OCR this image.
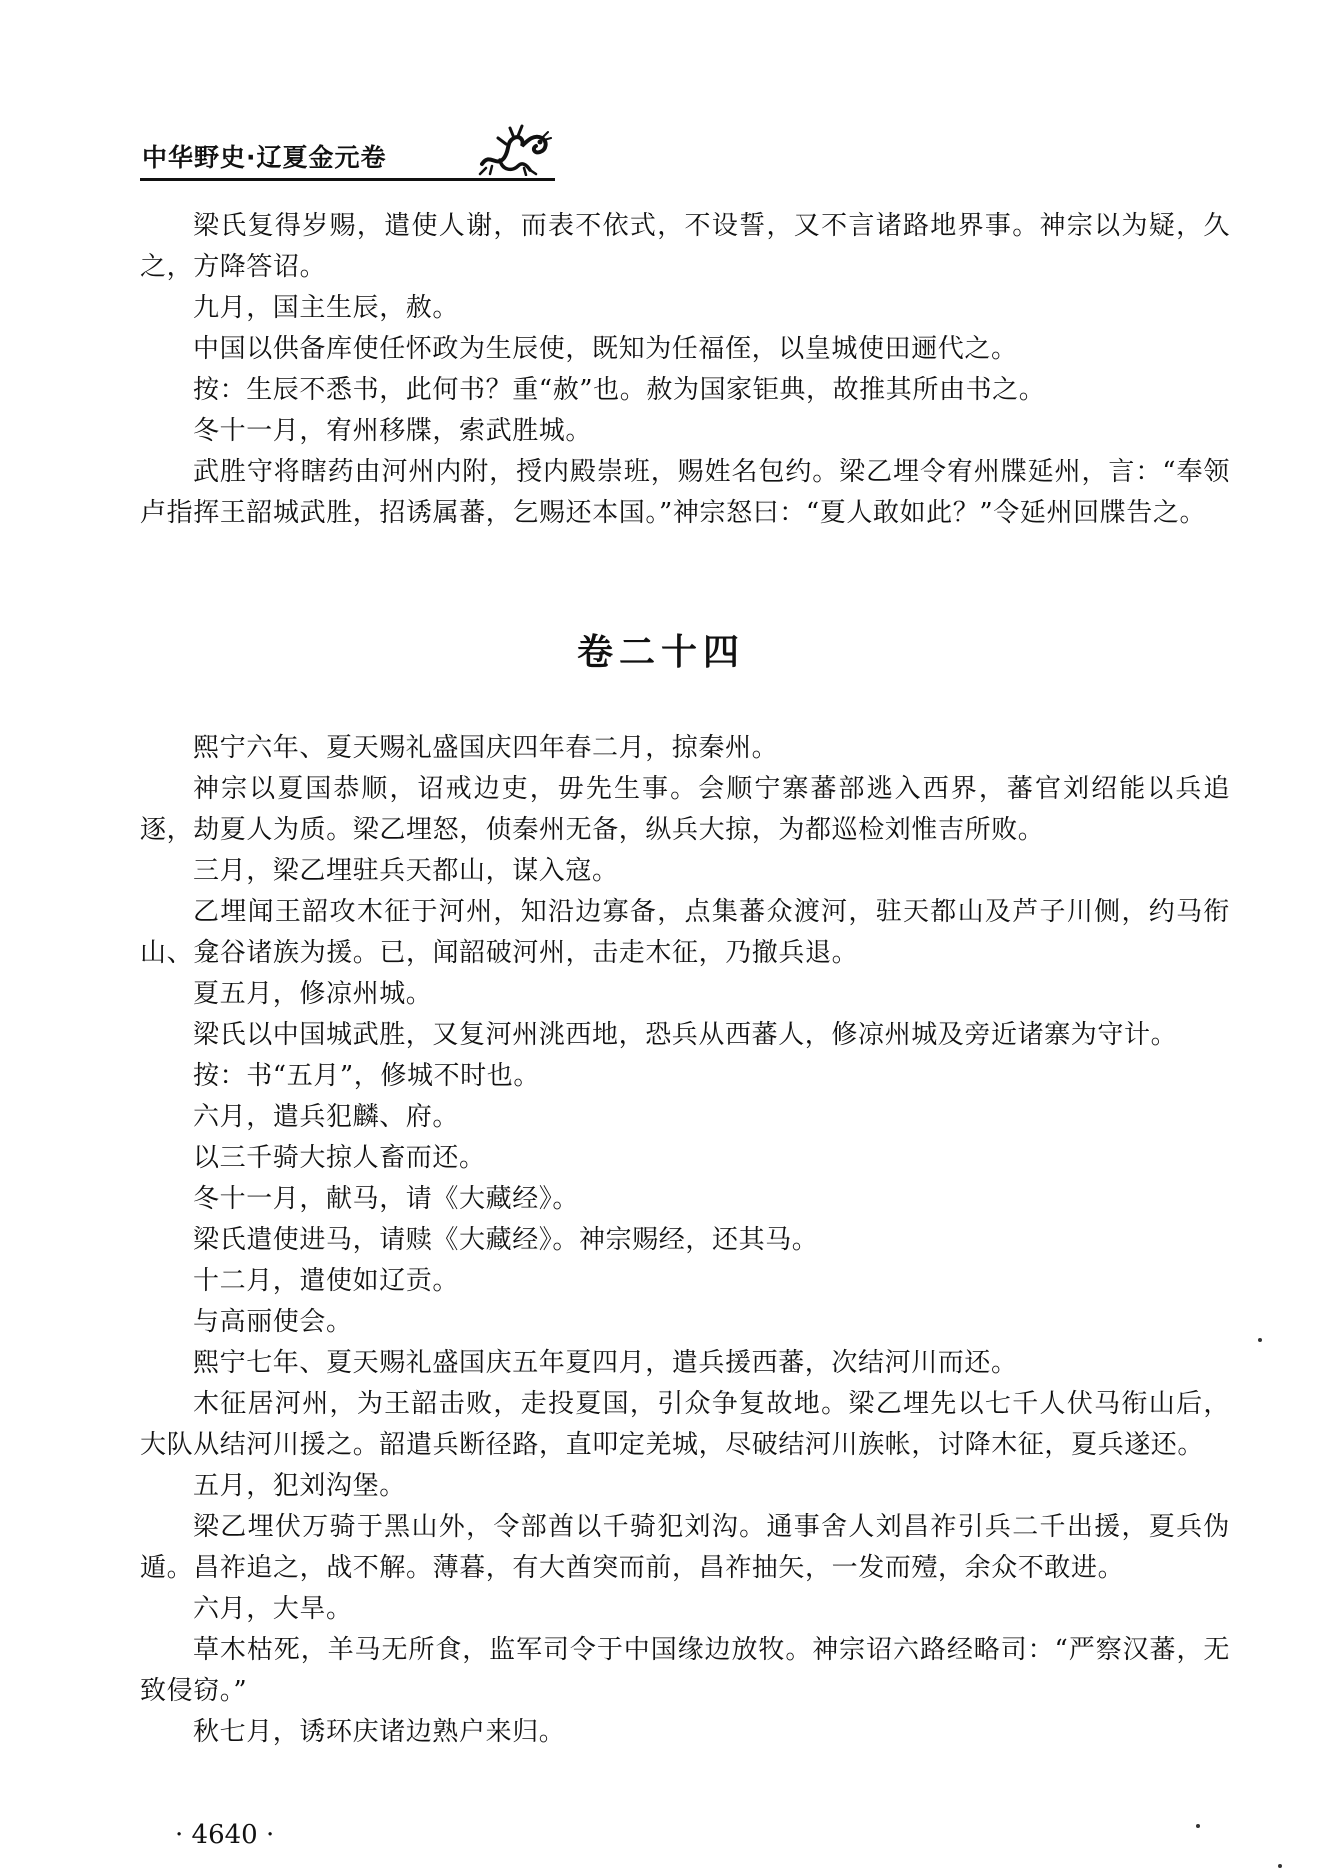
中华野史·辽夏金元卷

梁氏复得岁赐，遣使人谢，而表不依式，不设誓，又不言诸路地界事。神宗以为疑，久之，方降答诏。

九月，国主生辰，赦。

中国以供备库使任怀政为生辰使，既知为任福侄，以皇城使田逦代之。

按：生辰不悉书，此何书？重“赦”也。赦为国家钜典，故推其所由书之。

冬十一月，宥州移牒，索武胜城。

武胜守将瞎药由河州内附，授内殿崇班，赐姓名包约。梁乙埋令宥州牒延州，言：“奉领卢指挥王韶城武胜，招诱属蕃，乞赐还本国。”神宗怒曰：“夏人敢如此？”令延州回牒告之。

卷二十四

熙宁六年、夏天赐礼盛国庆四年春二月，掠秦州。

神宗以夏国恭顺，诏戒边吏，毋先生事。会顺宁寨蕃部逃入西界，蕃官刘绍能以兵追逐，劫夏人为质。梁乙埋怒，侦秦州无备，纵兵大掠，为都巡检刘惟吉所败。

三月，梁乙埋驻兵天都山，谋入寇。

乙埋闻王韶攻木征于河州，知沿边寡备，点集蕃众渡河，驻天都山及芦子川侧，约马衔山、龛谷诸族为援。已，闻韶破河州，击走木征，乃撤兵退。

夏五月，修凉州城。

梁氏以中国城武胜，又复河州洮西地，恐兵从西蕃人，修凉州城及旁近诸寨为守计。

按：书“五月”，修城不时也。

六月，遣兵犯麟、府。

以三千骑大掠人畜而还。

冬十一月，献马，请《大藏经》。

梁氏遣使进马，请赎《大藏经》。神宗赐经，还其马。

十二月，遣使如辽贡。

与高丽使会。

熙宁七年、夏天赐礼盛国庆五年夏四月，遣兵援西蕃，次结河川而还。

木征居河州，为王韶击败，走投夏国，引众争复故地。梁乙埋先以七千人伏马衔山后，大队从结河川援之。韶遣兵断径路，直叩定羌城，尽破结河川族帐，讨降木征，夏兵遂还。

五月，犯刘沟堡。

梁乙埋伏万骑于黑山外，令部酋以千骑犯刘沟。通事舍人刘昌祚引兵二千出援，夏兵伪遁。昌祚追之，战不解。薄暮，有大酋突而前，昌祚抽矢，一发而殪，余众不敢进。

六月，大旱。

草木枯死，羊马无所食，监军司令于中国缘边放牧。神宗诏六路经略司：“严察汉蕃，无致侵窃。”

秋七月，诱环庆诸边熟户来归。

· 4640 ·
